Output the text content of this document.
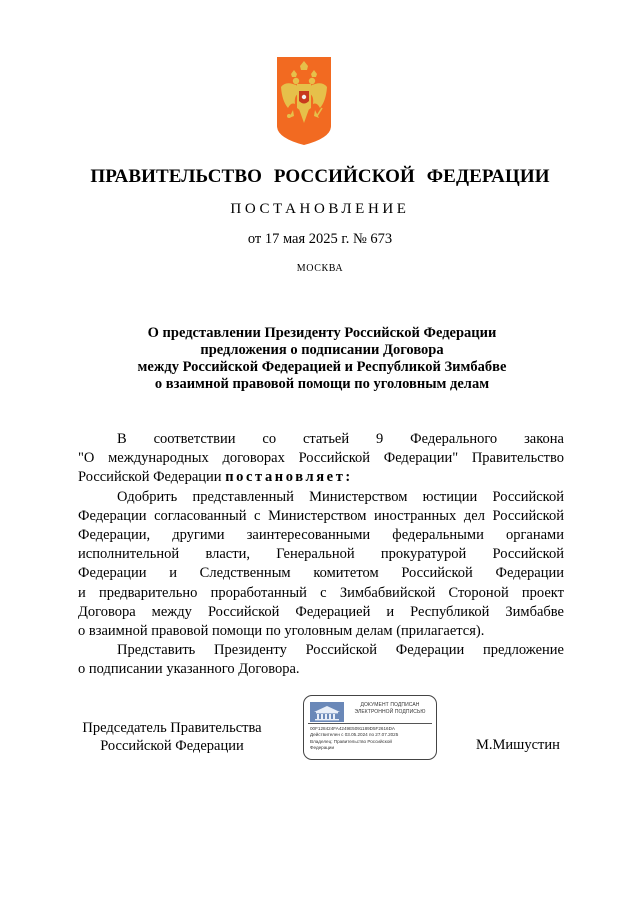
ПРАВИТЕЛЬСТВО РОССИЙСКОЙ ФЕДЕРАЦИИ
ПОСТАНОВЛЕНИЕ
от 17 мая 2025 г. № 673
МОСКВА
О представлении Президенту Российской Федерации
предложения о подписании Договора
между Российской Федерацией и Республикой Зимбабве
о взаимной правовой помощи по уголовным делам
В соответствии со статьей 9 Федерального закона
"О международных договорах Российской Федерации" Правительство
Российской Федерации постановляет:
Одобрить представленный Министерством юстиции Российской
Федерации согласованный с Министерством иностранных дел Российской
Федерации, другими заинтересованными федеральными органами
исполнительной власти, Генеральной прокуратурой Российской
Федерации и Следственным комитетом Российской Федерации
и предварительно проработанный с Зимбабвийской Стороной проект
Договора между Российской Федерацией и Республикой Зимбабве
о взаимной правовой помощи по уголовным делам (прилагается).
Представить Президенту Российской Федерации предложение
о подписании указанного Договора.
Председатель Правительства
Российской Федерации
ДОКУМЕНТ ПОДПИСАН
ЭЛЕКТРОННОЙ ПОДПИСЬЮ
00F128424FA4249E5091189D5F2616DA
Действителен с 03.05.2024 по 27.07.2025
Владелец: Правительство Российской
Федерации	М.Мишустин
